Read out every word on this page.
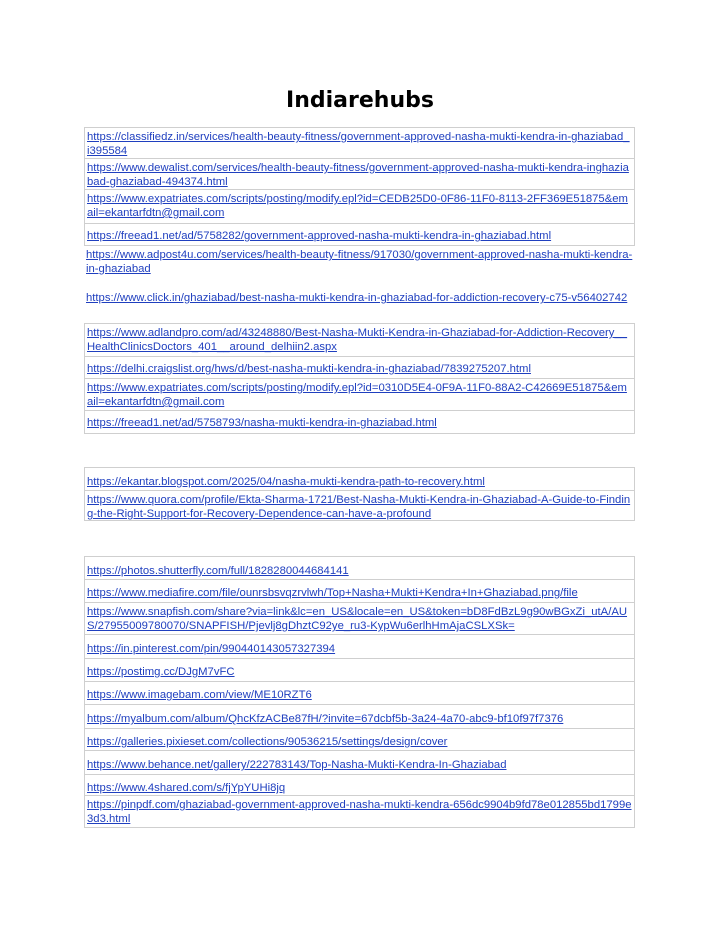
Indiarehubs
https://classifiedz.in/services/health-beauty-fitness/government-approved-nasha-mukti-kendra-in-ghaziabad_i395584
https://www.dewalist.com/services/health-beauty-fitness/government-approved-nasha-mukti-kendra-inghaziabad-ghaziabad-494374.html
https://www.expatriates.com/scripts/posting/modify.epl?id=CEDB25D0-0F86-11F0-8113-2FF369E51875&email=ekantarfdtn@gmail.com
https://freead1.net/ad/5758282/government-approved-nasha-mukti-kendra-in-ghaziabad.html
https://www.adpost4u.com/services/health-beauty-fitness/917030/government-approved-nasha-mukti-kendra-in-ghaziabad
https://www.click.in/ghaziabad/best-nasha-mukti-kendra-in-ghaziabad-for-addiction-recovery-c75-v56402742
https://www.adlandpro.com/ad/43248880/Best-Nasha-Mukti-Kendra-in-Ghaziabad-for-Addiction-Recovery__HealthClinicsDoctors_401__around_delhiin2.aspx
https://delhi.craigslist.org/hws/d/best-nasha-mukti-kendra-in-ghaziabad/7839275207.html
https://www.expatriates.com/scripts/posting/modify.epl?id=0310D5E4-0F9A-11F0-88A2-C42669E51875&email=ekantarfdtn@gmail.com
https://freead1.net/ad/5758793/nasha-mukti-kendra-in-ghaziabad.html
https://ekantar.blogspot.com/2025/04/nasha-mukti-kendra-path-to-recovery.html
https://www.quora.com/profile/Ekta-Sharma-1721/Best-Nasha-Mukti-Kendra-in-Ghaziabad-A-Guide-to-Finding-the-Right-Support-for-Recovery-Dependence-can-have-a-profound
https://photos.shutterfly.com/full/1828280044684141
https://www.mediafire.com/file/ounrsbsvqzrvlwh/Top+Nasha+Mukti+Kendra+In+Ghaziabad.png/file
https://www.snapfish.com/share?via=link&lc=en_US&locale=en_US&token=bD8FdBzL9g90wBGxZi_utA/AUS/27955009780070/SNAPFISH/Pjevlj8gDhztC92ye_ru3-KypWu6erlhHmAjaCSLXSk=
https://in.pinterest.com/pin/990440143057327394
https://postimg.cc/DJgM7vFC
https://www.imagebam.com/view/ME10RZT6
https://myalbum.com/album/QhcKfzACBe87fH/?invite=67dcbf5b-3a24-4a70-abc9-bf10f97f7376
https://galleries.pixieset.com/collections/90536215/settings/design/cover
https://www.behance.net/gallery/222783143/Top-Nasha-Mukti-Kendra-In-Ghaziabad
https://www.4shared.com/s/fjYpYUHi8jq
https://pinpdf.com/ghaziabad-government-approved-nasha-mukti-kendra-656dc9904b9fd78e012855bd1799e3d3.html
